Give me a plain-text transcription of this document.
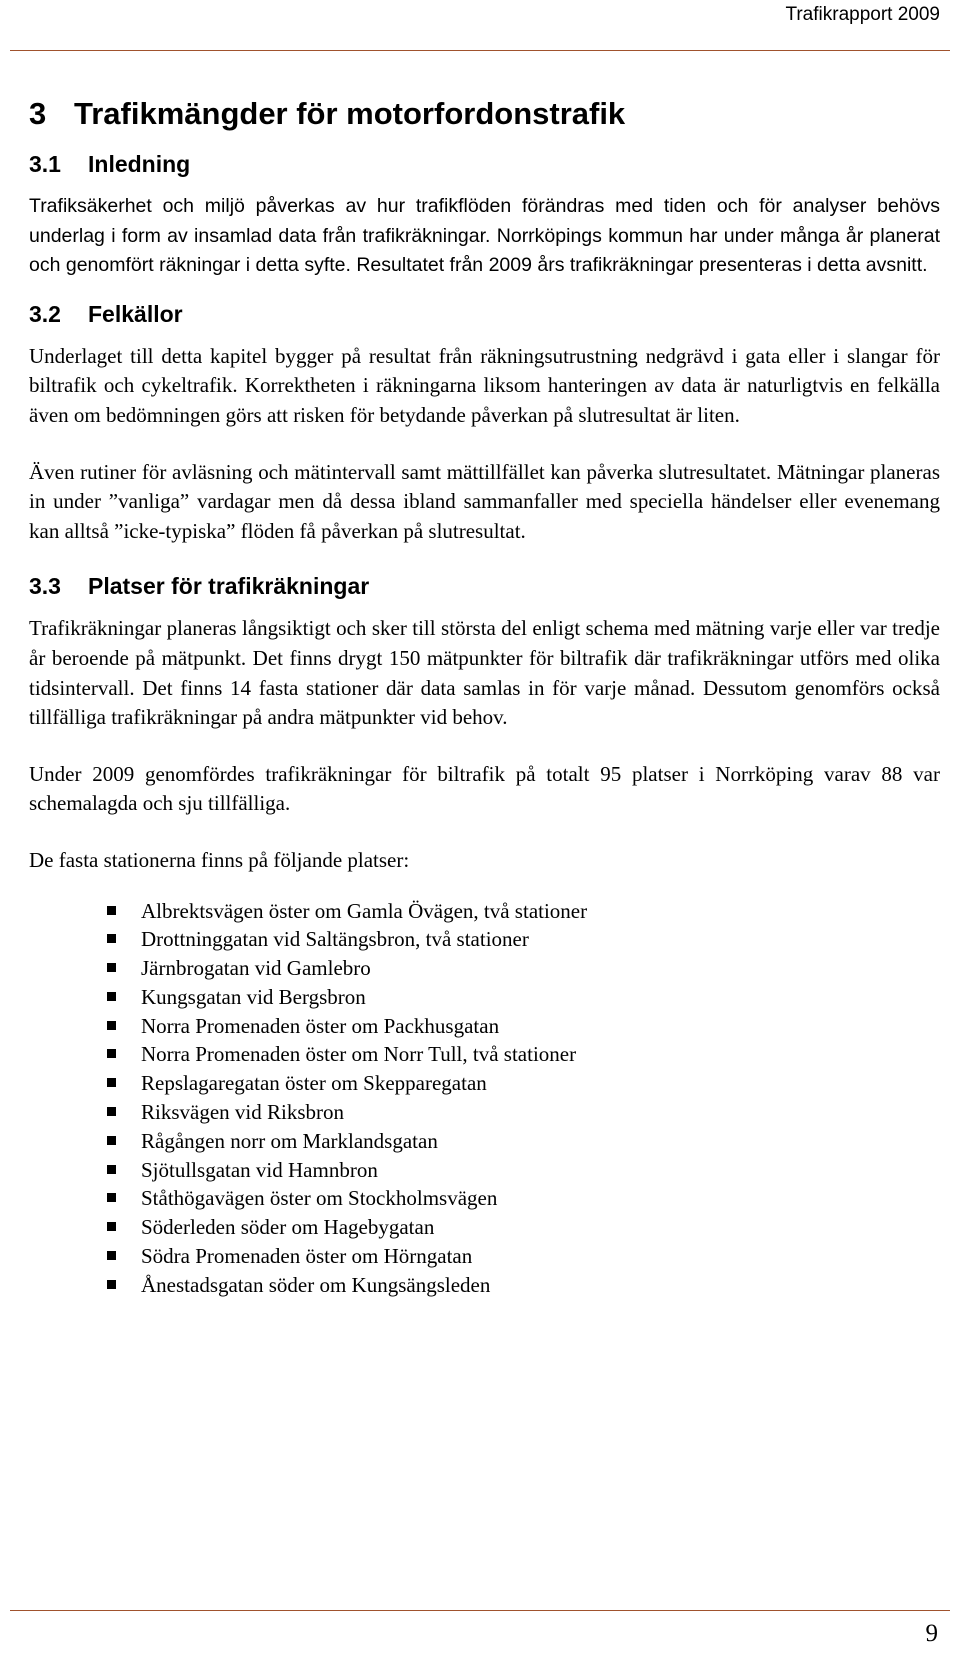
Trafikrapport 2009
3 Trafikmängder för motorfordonstrafik
3.1 Inledning

Trafiksäkerhet och miljö påverkas av hur trafikflöden förändras med tiden och för analyser behövs underlag i form av insamlad data från trafikräkningar. Norrköpings kommun har under många år planerat och genomfört räkningar i detta syfte. Resultatet från 2009 års trafikräkningar presenteras i detta avsnitt.

3.2 Felkällor

Underlaget till detta kapitel bygger på resultat från räkningsutrustning nedgrävd i gata eller i slangar för biltrafik och cykeltrafik. Korrektheten i räkningarna liksom hanteringen av data är naturligtvis en felkälla även om bedömningen görs att risken för betydande påverkan på slutresultat är liten.

Även rutiner för avläsning och mätintervall samt mättillfället kan påverka slutresultatet. Mätningar planeras in under ”vanliga” vardagar men då dessa ibland sammanfaller med speciella händelser eller evenemang kan alltså ”icke-typiska” flöden få påverkan på slutresultat.

3.3 Platser för trafikräkningar

Trafikräkningar planeras långsiktigt och sker till största del enligt schema med mätning varje eller var tredje år beroende på mätpunkt. Det finns drygt 150 mätpunkter för biltrafik där trafikräkningar utförs med olika tidsintervall. Det finns 14 fasta stationer där data samlas in för varje månad. Dessutom genomförs också tillfälliga trafikräkningar på andra mätpunkter vid behov.

Under 2009 genomfördes trafikräkningar för biltrafik på totalt 95 platser i Norrköping varav 88 var schemalagda och sju tillfälliga.

De fasta stationerna finns på följande platser:

Albrektsvägen öster om Gamla Övägen, två stationer
Drottninggatan vid Saltängsbron, två stationer
Järnbrogatan vid Gamlebro
Kungsgatan vid Bergsbron
Norra Promenaden öster om Packhusgatan
Norra Promenaden öster om Norr Tull, två stationer
Repslagaregatan öster om Skepparegatan
Riksvägen vid Riksbron
Rågången norr om Marklandsgatan
Sjötullsgatan vid Hamnbron
Ståthögavägen öster om Stockholmsvägen
Söderleden söder om Hagebygatan
Södra Promenaden öster om Hörngatan
Ånestadsgatan söder om Kungsängsleden
9
